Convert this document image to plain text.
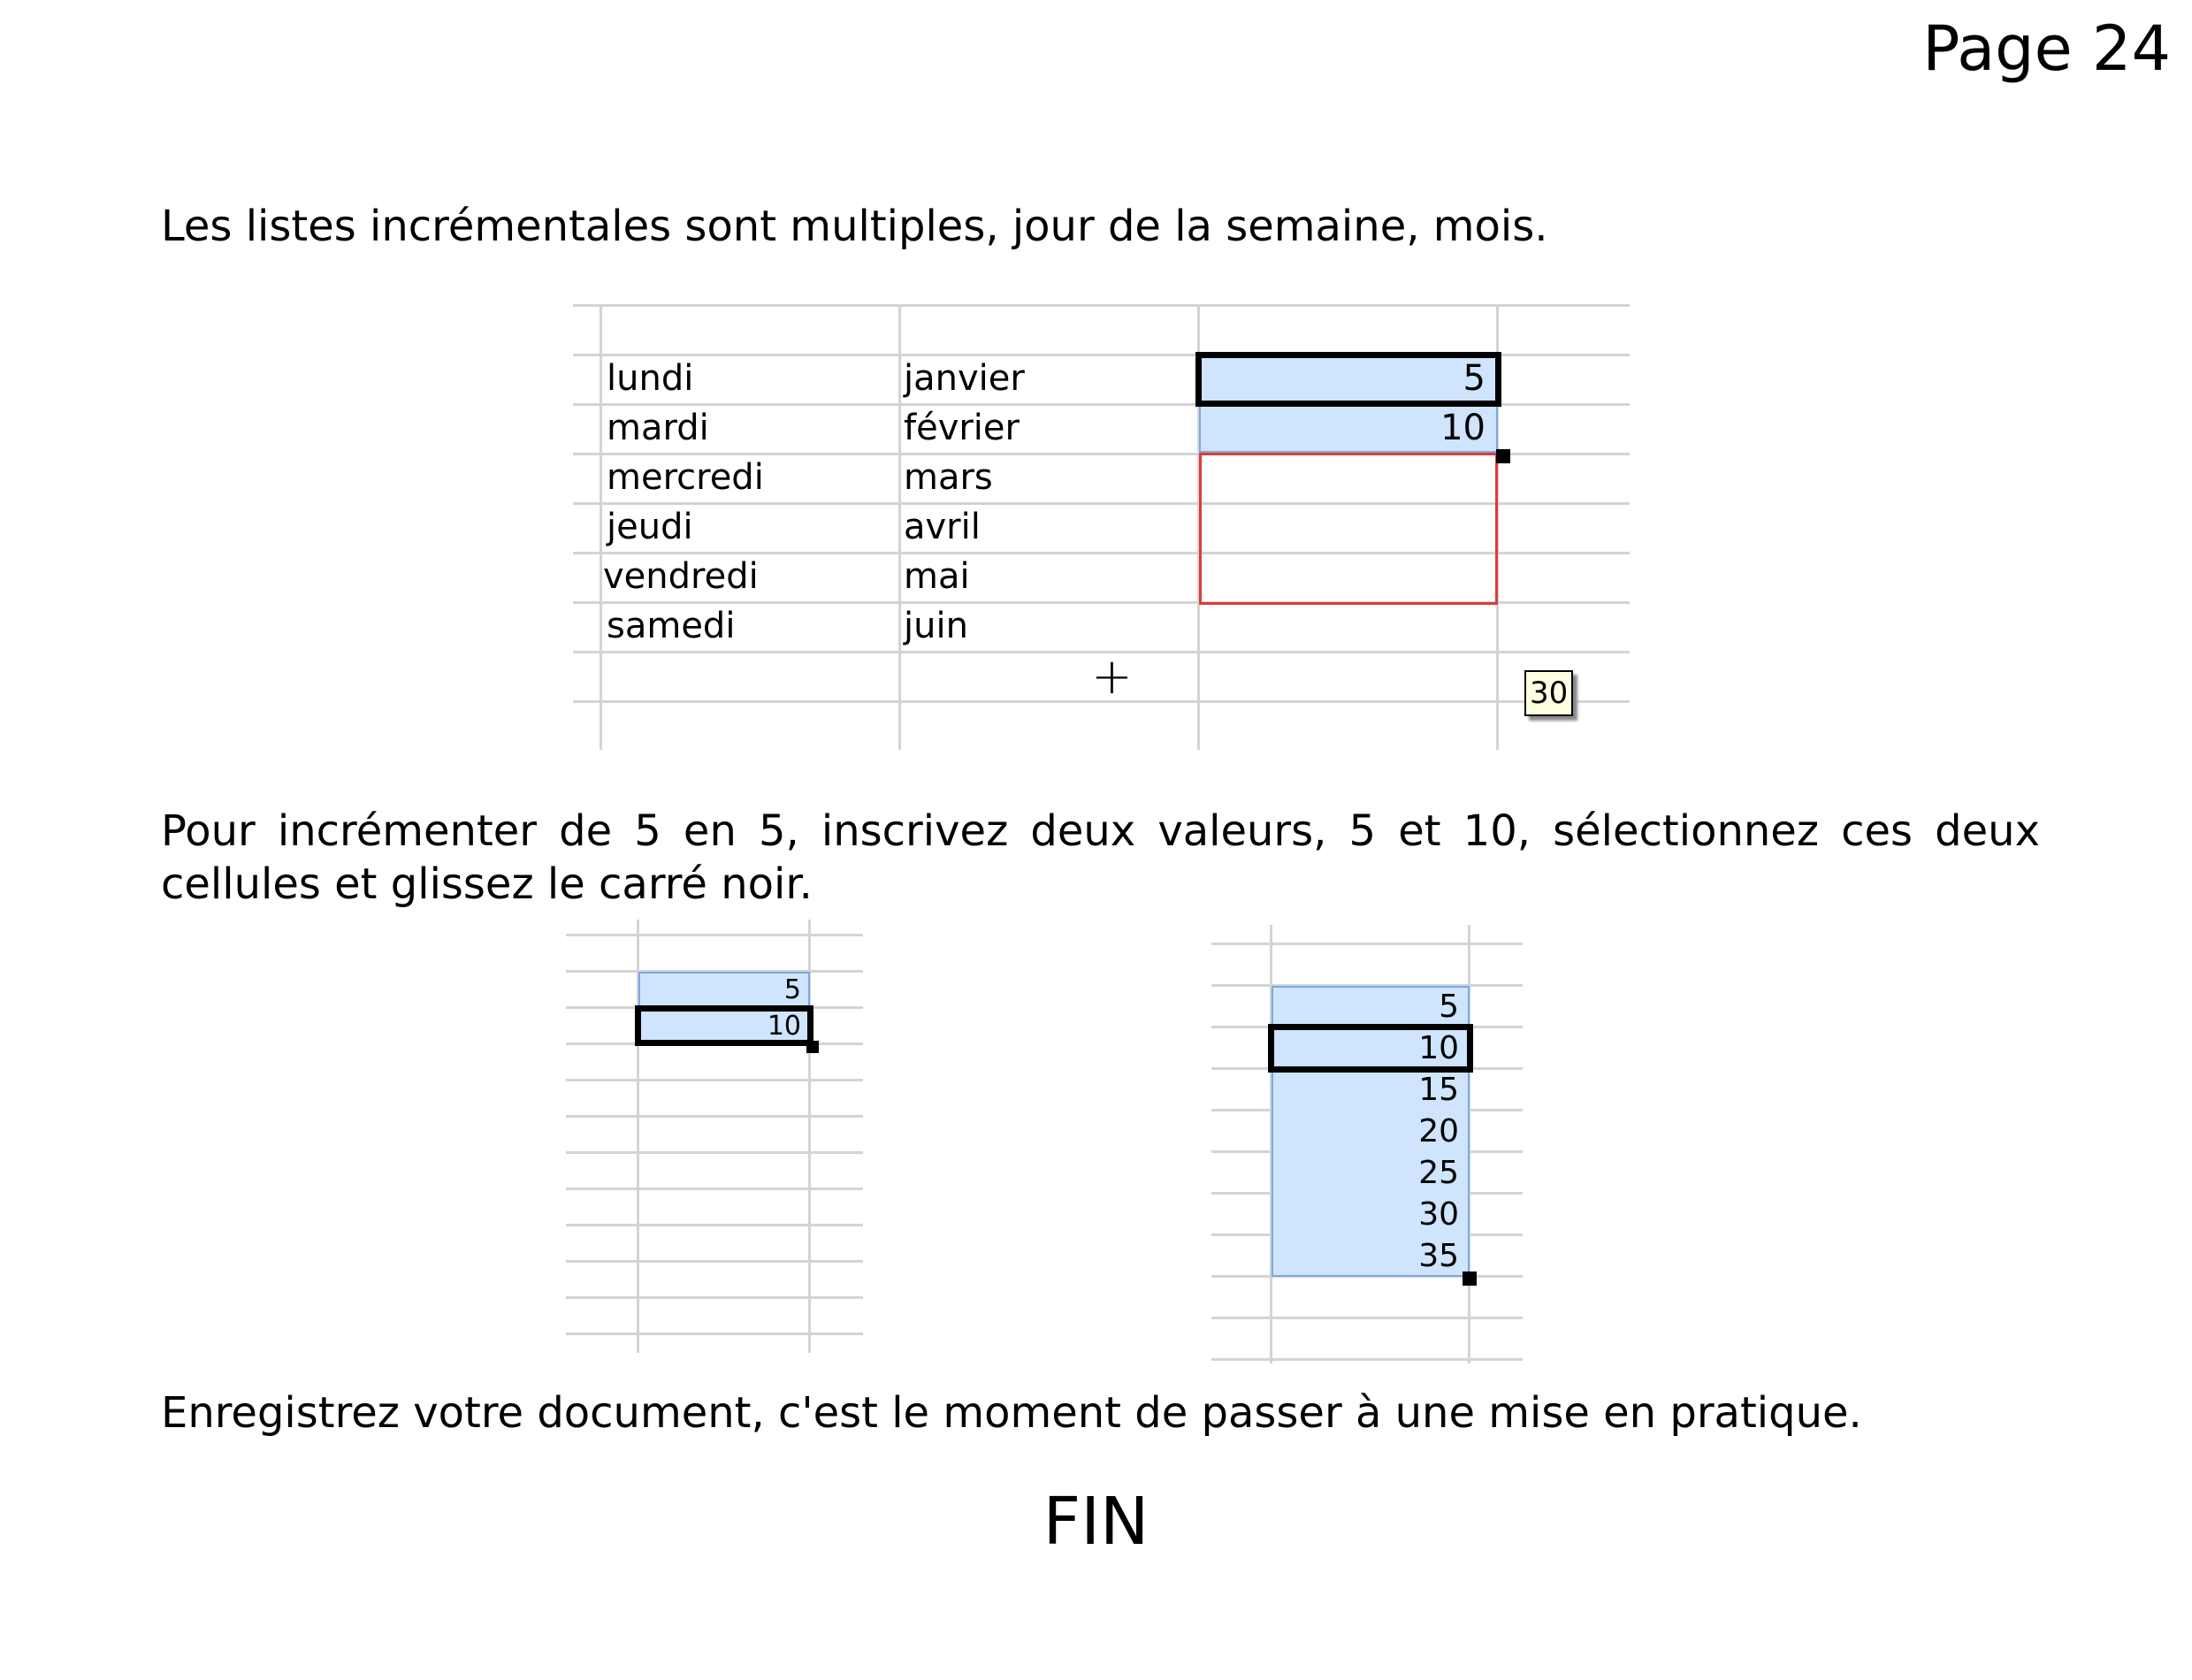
Page 24
Les listes incrémentales sont multiples, jour de la semaine, mois.
lundi
mardi
mercredi
jeudi
vendredi
samedi
janvier
février
mars
avril
mai
juin
5
10
+	30
Pour incrémenter de 5 en 5, inscrivez deux valeurs, 5 et 10, sélectionnez ces deux cellules et glissez le carré noir.
5
10
5
10
15
20
25
30
35
Enregistrez votre document, c'est le moment de passer à une mise en pratique.
FIN
